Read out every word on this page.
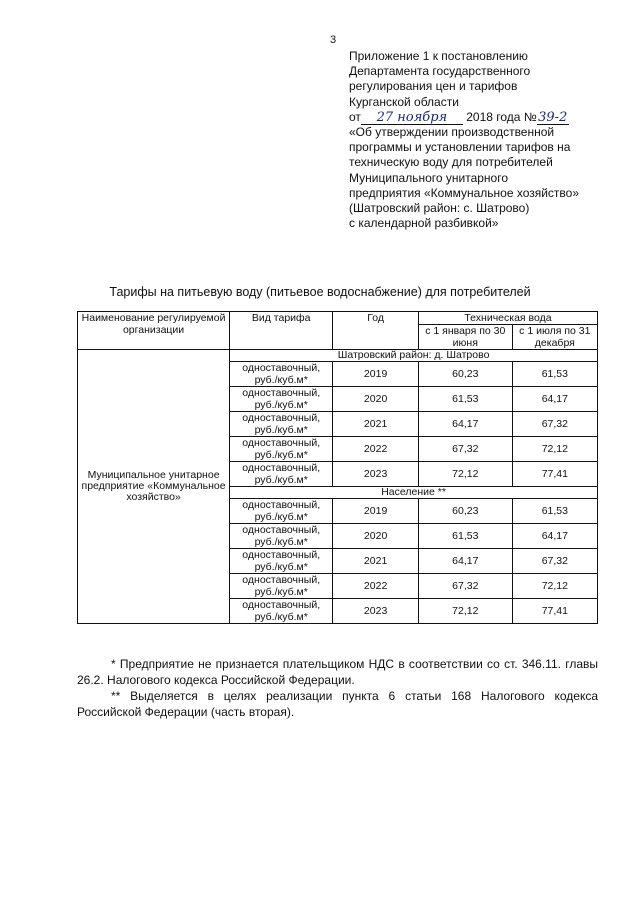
3
Приложение 1 к постановлению
Департамента государственного
регулирования цен и тарифов
Курганской области
от 27 ноября 2018 года №39-2
«Об утверждении производственной
программы и установлении тарифов на
техническую воду для потребителей
Муниципального унитарного
предприятия «Коммунальное хозяйство»
(Шатровский район: с. Шатрово)
с календарной разбивкой»
Тарифы на питьевую воду (питьевое водоснабжение) для потребителей
Наименование регулируемой организации	Вид тарифа	Год	Техническая вода	
			с 1 января по 30 июня	с 1 июля по 31 декабря
Муниципальное унитарное предприятие «Коммунальное хозяйство»	Шатровский район: д. Шатрово			
	одноставочный, руб./куб.м*	2019	60,23	61,53
	одноставочный, руб./куб.м*	2020	61,53	64,17
	одноставочный, руб./куб.м*	2021	64,17	67,32
	одноставочный, руб./куб.м*	2022	67,32	72,12
	одноставочный, руб./куб.м*	2023	72,12	77,41
	Население **			
	одноставочный, руб./куб.м*	2019	60,23	61,53
	одноставочный, руб./куб.м*	2020	61,53	64,17
	одноставочный, руб./куб.м*	2021	64,17	67,32
	одноставочный, руб./куб.м*	2022	67,32	72,12
	одноставочный, руб./куб.м*	2023	72,12	77,41

* Предприятие не признается плательщиком НДС в соответствии со ст. 346.11. главы 26.2. Налогового кодекса Российской Федерации.

** Выделяется в целях реализации пункта 6 статьи 168 Налогового кодекса Российской Федерации (часть вторая).
